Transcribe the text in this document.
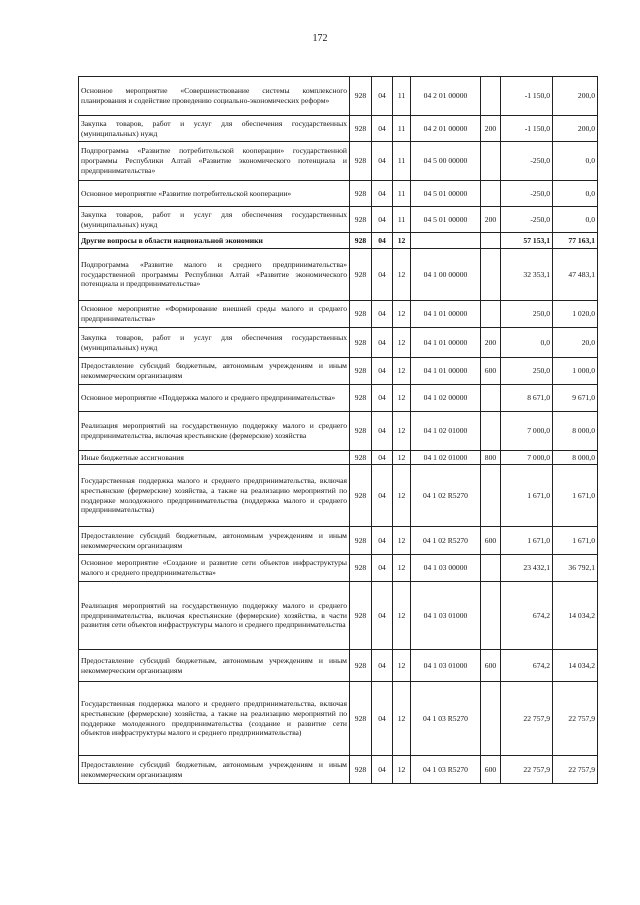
172
Основное мероприятие «Совершенствование системы комплексного планирования и содействие проведению социально-экономических реформ»	928	04	11	04 2 01 00000		-1 150,0	200,0
Закупка товаров, работ и услуг для обеспечения государственных (муниципальных) нужд	928	04	11	04 2 01 00000	200	-1 150,0	200,0
Подпрограмма «Развитие потребительской кооперации» государственной программы Республики Алтай «Развитие экономического потенциала и предпринимательства»	928	04	11	04 5 00 00000		-250,0	0,0
Основное мероприятие «Развитие потребительской кооперации»	928	04	11	04 5 01 00000		-250,0	0,0
Закупка товаров, работ и услуг для обеспечения государственных (муниципальных) нужд	928	04	11	04 5 01 00000	200	-250,0	0,0
Другие вопросы в области национальной экономики	928	04	12			57 153,1	77 163,1
Подпрограмма «Развитие малого и среднего предпринимательства» государственной программы Республики Алтай «Развитие экономического потенциала и предпринимательства»	928	04	12	04 1 00 00000		32 353,1	47 483,1
Основное мероприятие «Формирование внешней среды малого и среднего предпринимательства»	928	04	12	04 1 01 00000		250,0	1 020,0
Закупка товаров, работ и услуг для обеспечения государственных (муниципальных) нужд	928	04	12	04 1 01 00000	200	0,0	20,0
Предоставление субсидий бюджетным, автономным учреждениям и иным некоммерческим организациям	928	04	12	04 1 01 00000	600	250,0	1 000,0
Основное мероприятие «Поддержка малого и среднего предпринимательства»	928	04	12	04 1 02 00000		8 671,0	9 671,0
Реализация мероприятий на государственную поддержку малого и среднего предпринимательства, включая крестьянские (фермерские) хозяйства	928	04	12	04 1 02 01000		7 000,0	8 000,0
Иные бюджетные ассигнования	928	04	12	04 1 02 01000	800	7 000,0	8 000,0
Государственная поддержка малого и среднего предпринимательства, включая крестьянские (фермерские) хозяйства, а также на реализацию мероприятий по поддержке молодежного предпринимательства (поддержка малого и среднего предпринимательства)	928	04	12	04 1 02 R5270		1 671,0	1 671,0
Предоставление субсидий бюджетным, автономным учреждениям и иным некоммерческим организациям	928	04	12	04 1 02 R5270	600	1 671,0	1 671,0
Основное мероприятие «Создание и развитие сети объектов инфраструктуры малого и среднего предпринимательства»	928	04	12	04 1 03 00000		23 432,1	36 792,1
Реализация мероприятий на государственную поддержку малого и среднего предпринимательства, включая крестьянские (фермерские) хозяйства, в части развития сети объектов инфраструктуры малого и среднего предпринимательства	928	04	12	04 1 03 01000		674,2	14 034,2
Предоставление субсидий бюджетным, автономным учреждениям и иным некоммерческим организациям	928	04	12	04 1 03 01000	600	674,2	14 034,2
Государственная поддержка малого и среднего предпринимательства, включая крестьянские (фермерские) хозяйства, а также на реализацию мероприятий по поддержке молодежного предпринимательства (создание и развитие сети объектов инфраструктуры малого и среднего предпринимательства)	928	04	12	04 1 03 R5270		22 757,9	22 757,9
Предоставление субсидий бюджетным, автономным учреждениям и иным некоммерческим организациям	928	04	12	04 1 03 R5270	600	22 757,9	22 757,9
